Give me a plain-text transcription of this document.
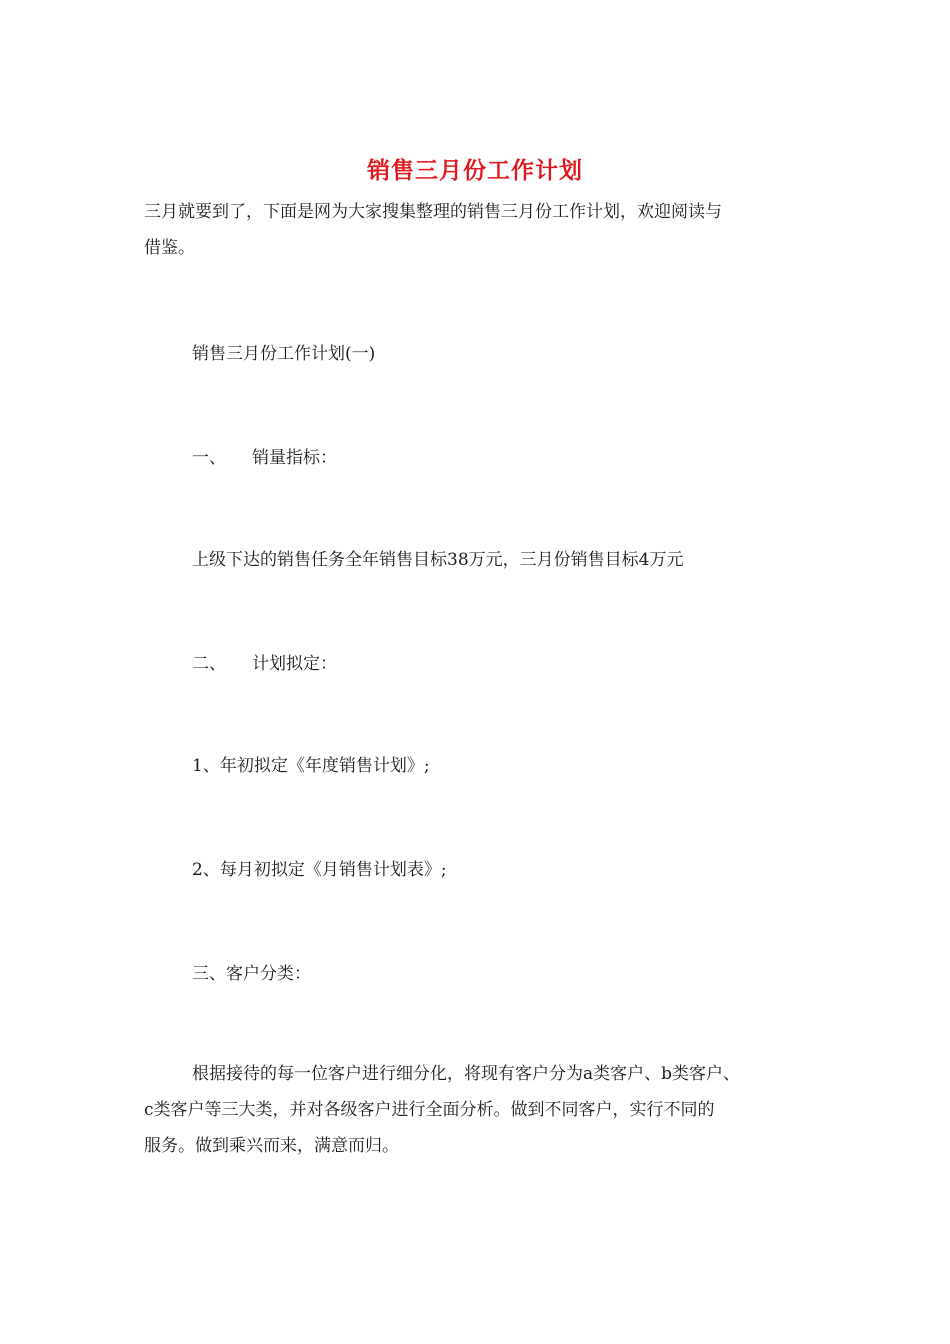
销售三月份工作计划
三月就要到了，下面是网为大家搜集整理的销售三月份工作计划，欢迎阅读与
借鉴。
销售三月份工作计划(一)
一、 销量指标：
上级下达的销售任务全年销售目标38万元，三月份销售目标4万元
二、 计划拟定：
1、年初拟定《年度销售计划》;
2、每月初拟定《月销售计划表》;
三、客户分类：
根据接待的每一位客户进行细分化，将现有客户分为a类客户、b类客户、
c类客户等三大类，并对各级客户进行全面分析。做到不同客户，实行不同的
服务。做到乘兴而来，满意而归。
